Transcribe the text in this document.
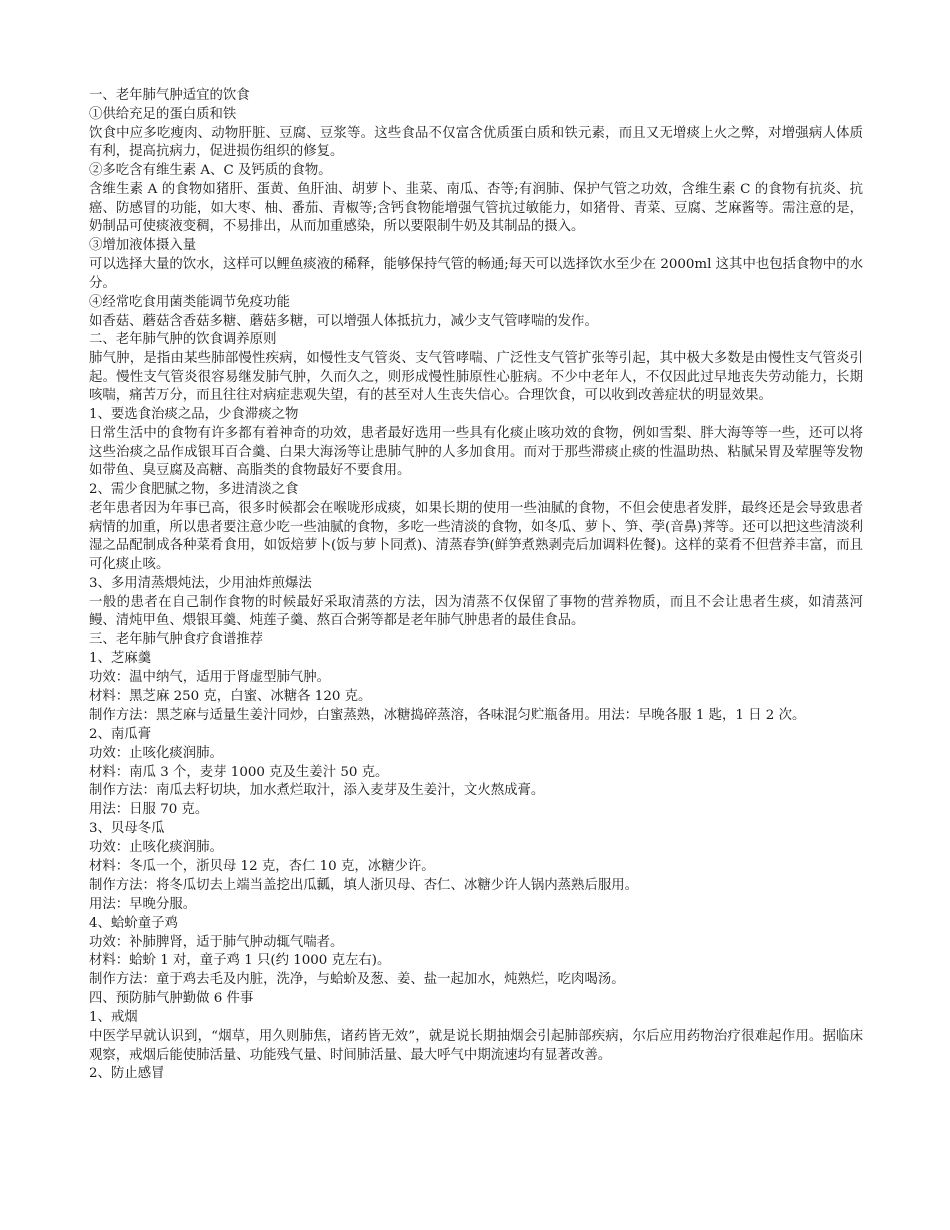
一、老年肺气肿适宜的饮食

①供给充足的蛋白质和铁

饮食中应多吃瘦肉、动物肝脏、豆腐、豆浆等。这些食品不仅富含优质蛋白质和铁元素，而且又无增痰上火之弊，对增强病人体质有利，提高抗病力，促进损伤组织的修复。

②多吃含有维生素 A、C 及钙质的食物。

含维生素 A 的食物如猪肝、蛋黄、鱼肝油、胡萝卜、韭菜、南瓜、杏等;有润肺、保护气管之功效，含维生素 C 的食物有抗炎、抗癌、防感冒的功能，如大枣、柚、番茄、青椒等;含钙食物能增强气管抗过敏能力，如猪骨、青菜、豆腐、芝麻酱等。需注意的是，奶制品可使痰液变稠，不易排出，从而加重感染，所以要限制牛奶及其制品的摄入。

③增加液体摄入量

可以选择大量的饮水，这样可以鲤鱼痰液的稀释，能够保持气管的畅通;每天可以选择饮水至少在 2000ml 这其中也包括食物中的水分。

④经常吃食用菌类能调节免疫功能

如香菇、蘑菇含香菇多糖、蘑菇多糖，可以增强人体抵抗力，减少支气管哮喘的发作。

二、老年肺气肿的饮食调养原则

肺气肿，是指由某些肺部慢性疾病，如慢性支气管炎、支气管哮喘、广泛性支气管扩张等引起，其中极大多数是由慢性支气管炎引起。慢性支气管炎很容易继发肺气肿，久而久之，则形成慢性肺原性心脏病。不少中老年人，不仅因此过早地丧失劳动能力，长期咳喘，痛苦万分，而且往往对病症悲观失望，有的甚至对人生丧失信心。合理饮食，可以收到改善症状的明显效果。

1、要选食治痰之品，少食滞痰之物

日常生活中的食物有许多都有着神奇的功效，患者最好选用一些具有化痰止咳功效的食物，例如雪梨、胖大海等等一些，还可以将这些治痰之品作成银耳百合羹、白果大海汤等让患肺气肿的人多加食用。而对于那些滞痰止痰的性温助热、粘腻呆胃及荤腥等发物如带鱼、臭豆腐及高糖、高脂类的食物最好不要食用。

2、需少食肥腻之物，多进清淡之食

老年患者因为年事已高，很多时候都会在喉咙形成痰，如果长期的使用一些油腻的食物，不但会使患者发胖，最终还是会导致患者病情的加重，所以患者要注意少吃一些油腻的食物，多吃一些清淡的食物，如冬瓜、萝卜、笋、荸(音鼻)荠等。还可以把这些清淡利湿之品配制成各种菜肴食用，如饭焙萝卜(饭与萝卜同煮)、清蒸春笋(鲜笋煮熟剥壳后加调料佐餐)。这样的菜肴不但营养丰富，而且可化痰止咳。

3、多用清蒸煨炖法，少用油炸煎爆法

一般的患者在自己制作食物的时候最好采取清蒸的方法，因为清蒸不仅保留了事物的营养物质，而且不会让患者生痰，如清蒸河鳗、清炖甲鱼、煨银耳羹、炖莲子羹、熬百合粥等都是老年肺气肿患者的最佳食品。

三、老年肺气肿食疗食谱推荐

1、芝麻羹

功效：温中纳气，适用于肾虚型肺气肿。

材料：黑芝麻 250 克，白蜜、冰糖各 120 克。

制作方法：黑芝麻与适量生姜汁同炒，白蜜蒸熟，冰糖捣碎蒸溶，各味混匀贮瓶备用。用法：早晚各服 1 匙，1 日 2 次。

2、南瓜膏

功效：止咳化痰润肺。

材料：南瓜 3 个，麦芽 1000 克及生姜汁 50 克。

制作方法：南瓜去籽切块，加水煮烂取汁，添入麦芽及生姜汁，文火熬成膏。

用法：日服 70 克。

3、贝母冬瓜

功效：止咳化痰润肺。

材料：冬瓜一个，浙贝母 12 克，杏仁 10 克，冰糖少许。

制作方法：将冬瓜切去上端当盖挖出瓜瓤，填人浙贝母、杏仁、冰糖少许人锅内蒸熟后服用。

用法：早晚分服。

4、蛤蚧童子鸡

功效：补肺脾肾，适于肺气肿动辄气喘者。

材料：蛤蚧 1 对，童子鸡 1 只(约 1000 克左右)。

制作方法：童于鸡去毛及内脏，洗净，与蛤蚧及葱、姜、盐一起加水，炖熟烂，吃肉喝汤。

四、预防肺气肿勤做 6 件事

1、戒烟

中医学早就认识到，“烟草，用久则肺焦，诸药皆无效”，就是说长期抽烟会引起肺部疾病，尔后应用药物治疗很难起作用。据临床观察，戒烟后能使肺活量、功能残气量、时间肺活量、最大呼气中期流速均有显著改善。

2、防止感冒
